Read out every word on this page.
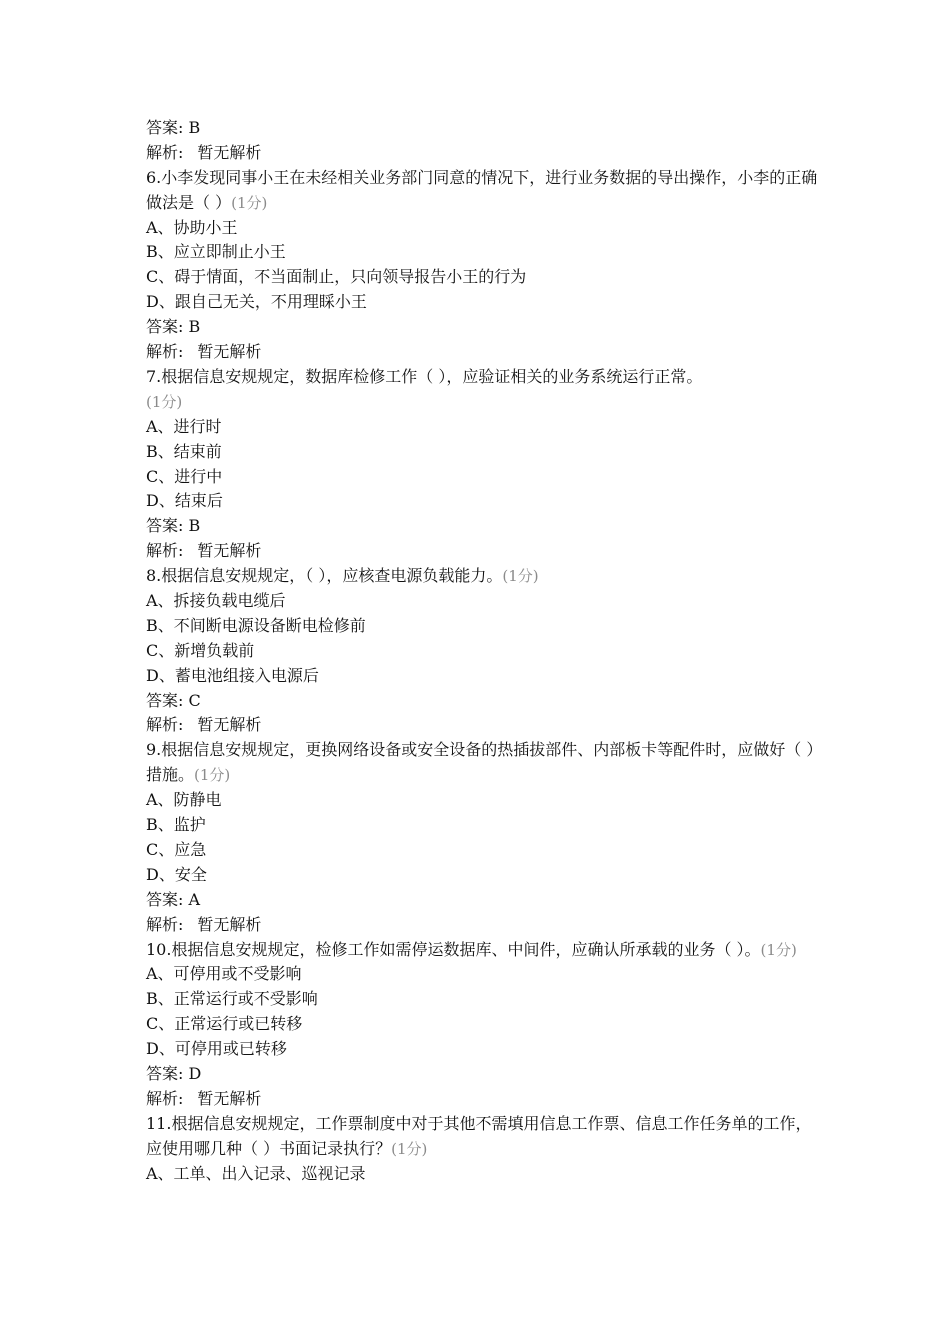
答案: B
解析: 暂无解析
6.小李发现同事小王在未经相关业务部门同意的情况下，进行业务数据的导出操作，小李的正确做法是（ ）(1分)
A、协助小王
B、应立即制止小王
C、碍于情面，不当面制止，只向领导报告小王的行为
D、跟自己无关，不用理睬小王
答案: B
解析: 暂无解析
7.根据信息安规规定，数据库检修工作（ ），应验证相关的业务系统运行正常。
(1分)
A、进行时
B、结束前
C、进行中
D、结束后
答案: B
解析: 暂无解析
8.根据信息安规规定，（ ），应核查电源负载能力。(1分)
A、拆接负载电缆后
B、不间断电源设备断电检修前
C、新增负载前
D、蓄电池组接入电源后
答案: C
解析: 暂无解析
9.根据信息安规规定，更换网络设备或安全设备的热插拔部件、内部板卡等配件时，应做好（ ）措施。(1分)
A、防静电
B、监护
C、应急
D、安全
答案: A
解析: 暂无解析
10.根据信息安规规定，检修工作如需停运数据库、中间件，应确认所承载的业务（ ）。(1分)
A、可停用或不受影响
B、正常运行或不受影响
C、正常运行或已转移
D、可停用或已转移
答案: D
解析: 暂无解析
11.根据信息安规规定，工作票制度中对于其他不需填用信息工作票、信息工作任务单的工作，应使用哪几种（ ）书面记录执行？(1分)
A、工单、出入记录、巡视记录
